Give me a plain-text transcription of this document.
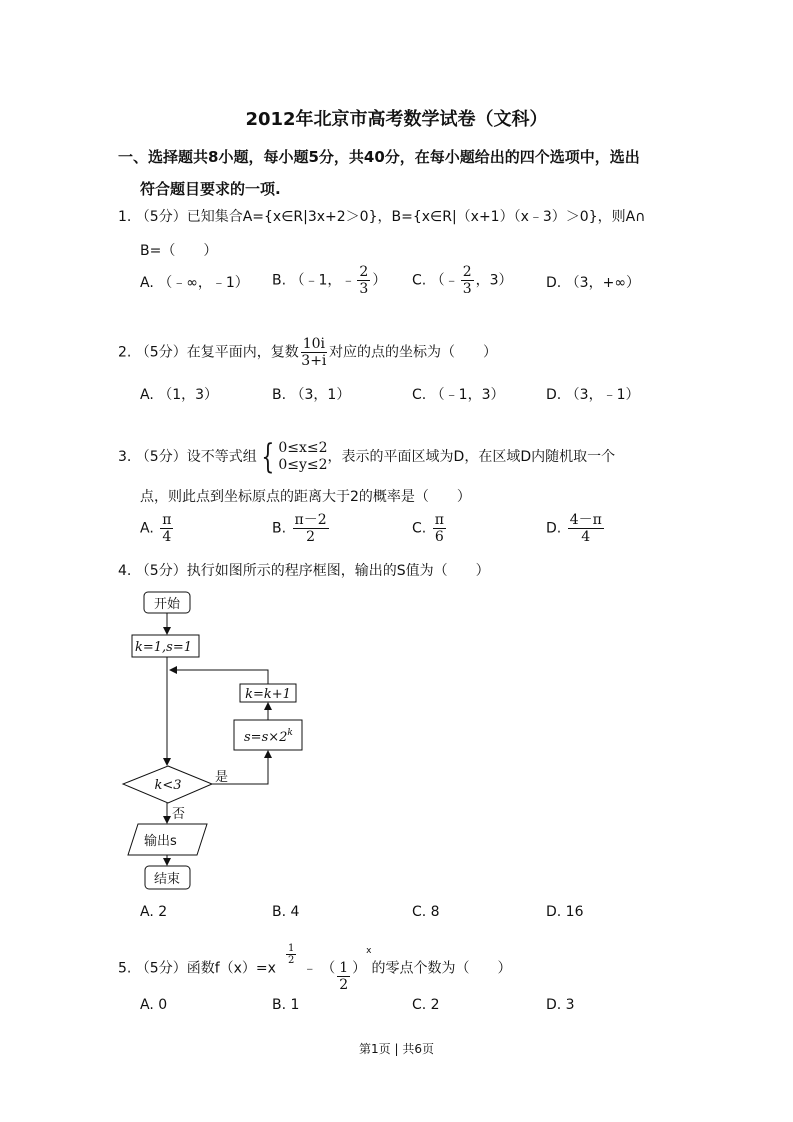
2012年北京市高考数学试卷（文科）
一、选择题共8小题，每小题5分，共40分，在每小题给出的四个选项中，选出
符合题目要求的一项.
1. （5分）已知集合A={x∈R|3x+2＞0}，B={x∈R|（x+1）（x﹣3）＞0}，则A∩
B=（　　）
A. （﹣∞，﹣1） B. （﹣1，﹣ $\frac{2}{3}$ ） C. （﹣ $\frac{2}{3}$ ，3） D. （3，+∞）
2. （5分）在复平面内，复数 $\frac{10i}{3+i}$ 对应的点的坐标为（　　）
A. （1，3）	B. （3，1）	C. （﹣1，3）	D. （3，﹣1）
3. （5分）设不等式组 { 0≤x≤2
0≤y≤2 ，表示的平面区域为D，在区域D内随机取一个
点，则此点到坐标原点的距离大于2的概率是（　　）
A. $\frac{\pi}{4}$	B. $\frac{\pi-2}{2}$	C. $\frac{\pi}{6}$	D. $\frac{4-\pi}{4}$
4. （5分）执行如图所示的程序框图，输出的S值为（　　）
开始
k=1,s=1
k=k+1
$s=s\times 2^k$
k<3
是
否
输出s
结束
A. 2	B. 4	C. 8	D. 16
5. （5分）函数f（x）=x
$\frac{1}{2}$
﹣ （ $\frac{1}{2} )^x$的零点个数为（　　）
A. 0	B. 1	C. 2	D. 3
第1页 | 共6页
